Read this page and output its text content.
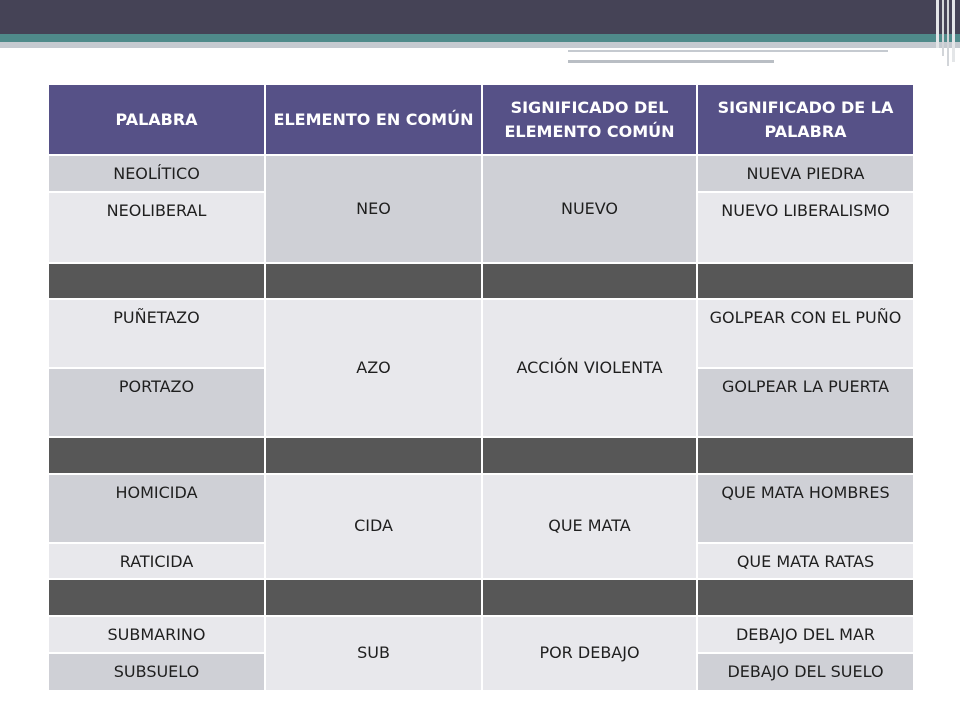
PALABRA	ELEMENTO EN COMÚN	SIGNIFICADO DEL ELEMENTO COMÚN	SIGNIFICADO DE LA PALABRA
NEOLÍTICO	NEO	NUEVO	NUEVA PIEDRA
NEOLIBERAL			NUEVO LIBERALISMO

PUÑETAZO	AZO	ACCIÓN VIOLENTA	GOLPEAR CON EL PUÑO
PORTAZO			GOLPEAR LA PUERTA

HOMICIDA	CIDA	QUE MATA	QUE MATA HOMBRES
RATICIDA			QUE MATA RATAS

SUBMARINO	SUB	POR DEBAJO	DEBAJO DEL MAR
SUBSUELO			DEBAJO DEL SUELO
